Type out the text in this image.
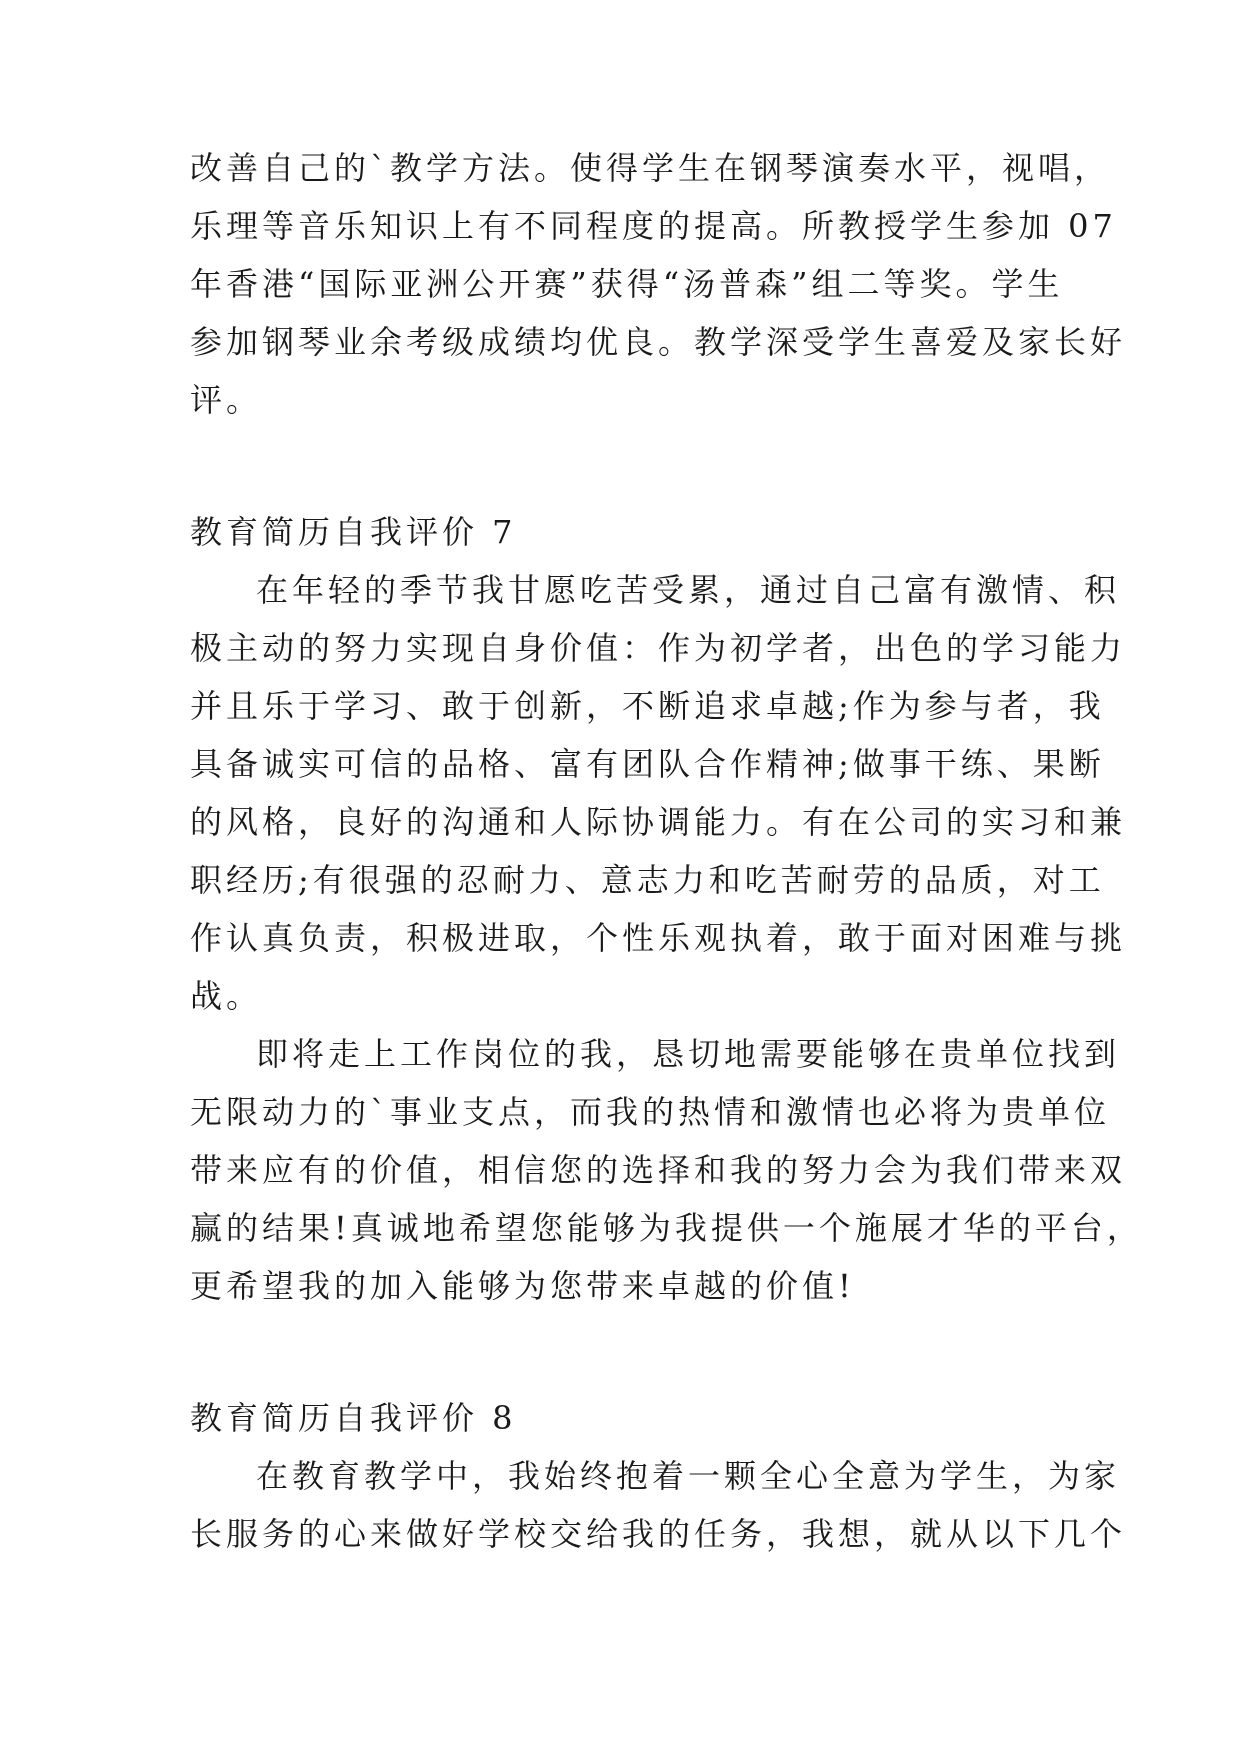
改善自己的`教学方法。使得学生在钢琴演奏水平，视唱，
乐理等音乐知识上有不同程度的提高。所教授学生参加 07
年香港“国际亚洲公开赛”获得“汤普森”组二等奖。学生
参加钢琴业余考级成绩均优良。教学深受学生喜爱及家长好
评。
教育简历自我评价 7
在年轻的季节我甘愿吃苦受累，通过自己富有激情、积
极主动的努力实现自身价值：作为初学者，出色的学习能力
并且乐于学习、敢于创新，不断追求卓越;作为参与者，我
具备诚实可信的品格、富有团队合作精神;做事干练、果断
的风格，良好的沟通和人际协调能力。有在公司的实习和兼
职经历;有很强的忍耐力、意志力和吃苦耐劳的品质，对工
作认真负责，积极进取，个性乐观执着，敢于面对困难与挑
战。
即将走上工作岗位的我，恳切地需要能够在贵单位找到
无限动力的`事业支点，而我的热情和激情也必将为贵单位
带来应有的价值，相信您的选择和我的努力会为我们带来双
赢的结果!真诚地希望您能够为我提供一个施展才华的平台，
更希望我的加入能够为您带来卓越的价值!
教育简历自我评价 8
在教育教学中，我始终抱着一颗全心全意为学生，为家
长服务的心来做好学校交给我的任务，我想，就从以下几个
